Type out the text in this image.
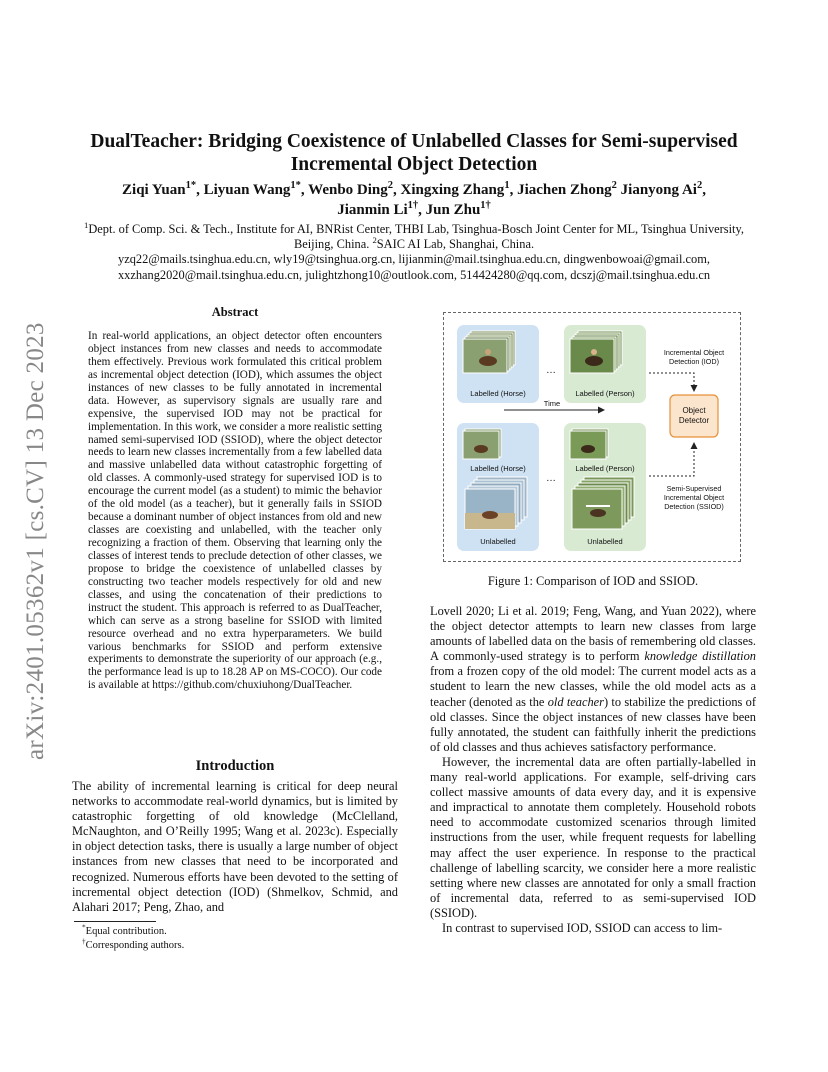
arXiv:2401.05362v1 [cs.CV] 13 Dec 2023
DualTeacher: Bridging Coexistence of Unlabelled Classes for Semi-supervised Incremental Object Detection
Ziqi Yuan$^{1*}$, Liyuan Wang$^{1*}$, Wenbo Ding$^2$, Xingxing Zhang$^1$, Jiachen Zhong$^2$ Jianyong Ai$^2$,
Jianmin $Li^{1\dagger}$, Jun Zhu$^{1\dagger}$
$^1$Dept. of Comp. Sci. & Tech., Institute for AI, BNRist Center, THBI Lab, Tsinghua-Bosch Joint Center for ML, Tsinghua University, Beijing, China. $^2$SAIC AI Lab, Shanghai, China.
yzq22@mails.tsinghua.edu.cn, wly19@tsinghua.org.cn, lijianmin@mail.tsinghua.edu.cn, dingwenbowoai@gmail.com, xxzhang2020@mail.tsinghua.edu.cn, julightzhong10@outlook.com, 514424280@qq.com, dcszj@mail.tsinghua.edu.cn
Abstract
In real-world applications, an object detector often encounters object instances from new classes and needs to accommodate them effectively. Previous work formulated this critical problem as incremental object detection (IOD), which assumes the object instances of new classes to be fully annotated in incremental data. However, as supervisory signals are usually rare and expensive, the supervised IOD may not be practical for implementation. In this work, we consider a more realistic setting named semi-supervised IOD (SSIOD), where the object detector needs to learn new classes incrementally from a few labelled data and massive unlabelled data without catastrophic forgetting of old classes. A commonly-used strategy for supervised IOD is to encourage the current model (as a student) to mimic the behavior of the old model (as a teacher), but it generally fails in SSIOD because a dominant number of object instances from old and new classes are coexisting and unlabelled, with the teacher only recognizing a fraction of them. Observing that learning only the classes of interest tends to preclude detection of other classes, we propose to bridge the coexistence of unlabelled classes by constructing two teacher models respectively for old and new classes, and using the concatenation of their predictions to instruct the student. This approach is referred to as DualTeacher, which can serve as a strong baseline for SSIOD with limited resource overhead and no extra hyperparameters. We build various benchmarks for SSIOD and perform extensive experiments to demonstrate the superiority of our approach (e.g., the performance lead is up to 18.28 AP on MS-COCO). Our code is available at https://github.com/chuxiuhong/DualTeacher.
Introduction
The ability of incremental learning is critical for deep neural networks to accommodate real-world dynamics, but is limited by catastrophic forgetting of old knowledge (McClelland, McNaughton, and O’Reilly 1995; Wang et al. 2023c). Especially in object detection tasks, there is usually a large number of object instances from new classes that need to be incorporated and recognized. Numerous efforts have been devoted to the setting of incremental object detection (IOD) (Shmelkov, Schmid, and Alahari 2017; Peng, Zhao, and
*Equal contribution.
†Corresponding authors.
Labelled (Horse)	Labelled (Person)
…
Time
Incremental Object
Detection (IOD)
Object
Detector
Labelled (Horse)	Labelled (Person)
…
Unlabelled	Unlabelled
Semi-Supervised
Incremental Object
Detection (SSIOD)
Figure 1: Comparison of IOD and SSIOD.

Lovell 2020; Li et al. 2019; Feng, Wang, and Yuan 2022), where the object detector attempts to learn new classes from large amounts of labelled data on the basis of remembering old classes. A commonly-used strategy is to perform knowledge distillation from a frozen copy of the old model: The current model acts as a student to learn the new classes, while the old model acts as a teacher (denoted as the old teacher) to stabilize the predictions of old classes. Since the object instances of new classes have been fully annotated, the student can faithfully inherit the predictions of old classes and thus achieves satisfactory performance.

However, the incremental data are often partially-labelled in many real-world applications. For example, self-driving cars collect massive amounts of data every day, and it is expensive and impractical to annotate them completely. Household robots need to accommodate customized scenarios through limited instructions from the user, while frequent requests for labelling may affect the user experience. In response to the practical challenge of labelling scarcity, we consider here a more realistic setting where new classes are annotated for only a small fraction of incremental data, referred to as semi-supervised IOD (SSIOD).

In contrast to supervised IOD, SSIOD can access to lim-
